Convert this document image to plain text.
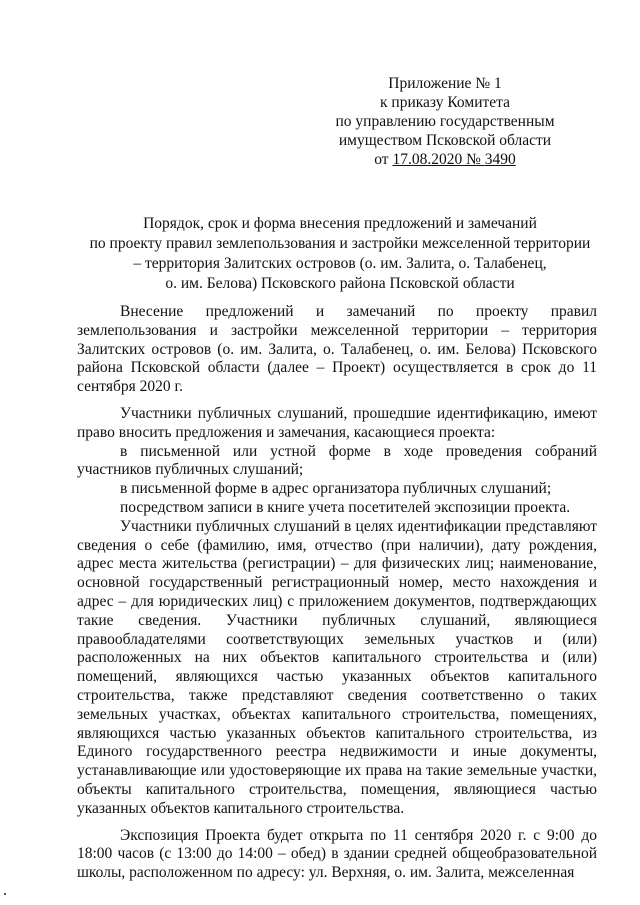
Приложение № 1
к приказу Комитета
по управлению государственным
имуществом Псковской области
от 17.08.2020 № 3490
Порядок, срок и форма внесения предложений и замечаний
по проекту правил землепользования и застройки межселенной территории
– территория Залитских островов (о. им. Залита, о. Талабенец,
о. им. Белова) Псковского района Псковской области

Внесение предложений и замечаний по проекту правил землепользования и застройки межселенной территории – территория Залитских островов (о. им. Залита, о. Талабенец, о. им. Белова) Псковского района Псковской области (далее – Проект) осуществляется в срок до 11 сентября 2020 г.

Участники публичных слушаний, прошедшие идентификацию, имеют право вносить предложения и замечания, касающиеся проекта:

в письменной или устной форме в ходе проведения собраний участников публичных слушаний;

в письменной форме в адрес организатора публичных слушаний;

посредством записи в книге учета посетителей экспозиции проекта.

Участники публичных слушаний в целях идентификации представляют сведения о себе (фамилию, имя, отчество (при наличии), дату рождения, адрес места жительства (регистрации) – для физических лиц; наименование, основной государственный регистрационный номер, место нахождения и адрес – для юридических лиц) с приложением документов, подтверждающих такие сведения. Участники публичных слушаний, являющиеся правообладателями соответствующих земельных участков и (или) расположенных на них объектов капитального строительства и (или) помещений, являющихся частью указанных объектов капитального строительства, также представляют сведения соответственно о таких земельных участках, объектах капитального строительства, помещениях, являющихся частью указанных объектов капитального строительства, из Единого государственного реестра недвижимости и иные документы, устанавливающие или удостоверяющие их права на такие земельные участки, объекты капитального строительства, помещения, являющиеся частью указанных объектов капитального строительства.

Экспозиция Проекта будет открыта по 11 сентября 2020 г. с 9:00 до 18:00 часов (с 13:00 до 14:00 – обед) в здании средней общеобразовательной школы, расположенном по адресу: ул. Верхняя, о. им. Залита, межселенная
